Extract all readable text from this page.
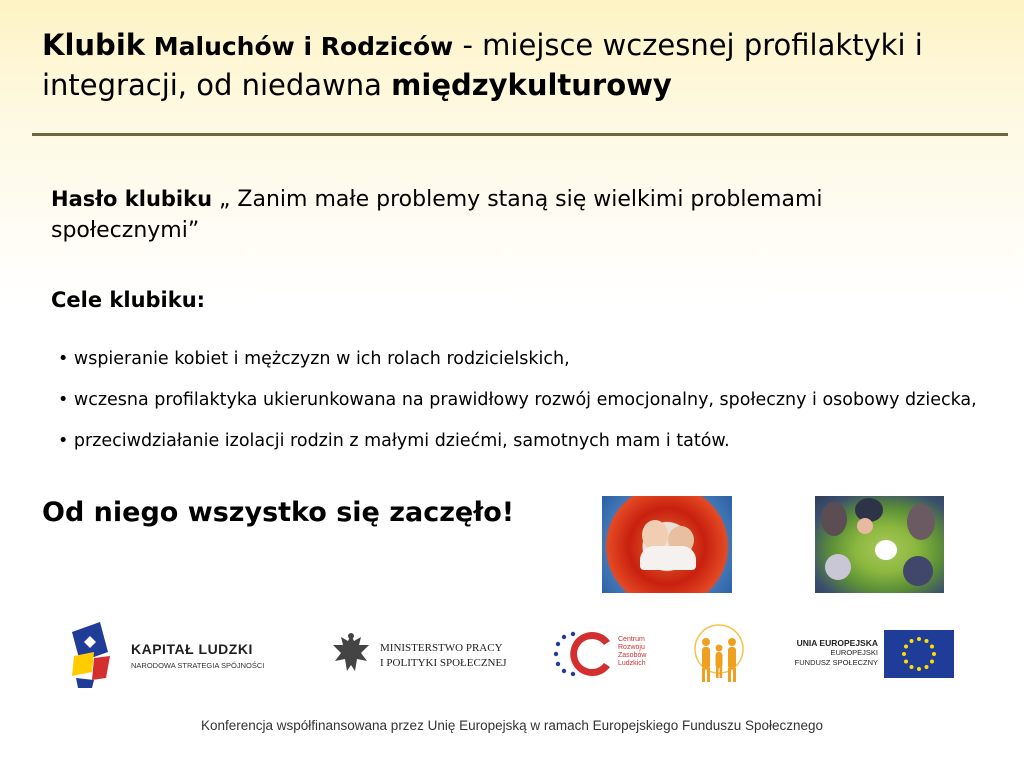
Klubik Maluchów i Rodziców - miejsce wczesnej profilaktyki i integracji, od niedawna międzykulturowy
Hasło klubiku „ Zanim małe problemy staną się wielkimi problemami społecznymi”
Cele klubiku:
• wspieranie kobiet i mężczyzn w ich rolach rodzicielskich,
• wczesna profilaktyka ukierunkowana na prawidłowy rozwój emocjonalny, społeczny i osobowy dziecka,
• przeciwdziałanie izolacji rodzin z małymi dziećmi, samotnych mam i tatów.
Od niego wszystko się zaczęło!
KAPITAŁ LUDZKI
NARODOWA STRATEGIA SPÓJNOŚCI
MINISTERSTWO PRACY
I POLITYKI SPOŁECZNEJ
Centrum
Rozwoju
Zasobów
Ludzkich
UNIA EUROPEJSKA
EUROPEJSKI
FUNDUSZ SPOŁECZNY
Konferencja współfinansowana przez Unię Europejską w ramach Europejskiego Funduszu Społecznego
